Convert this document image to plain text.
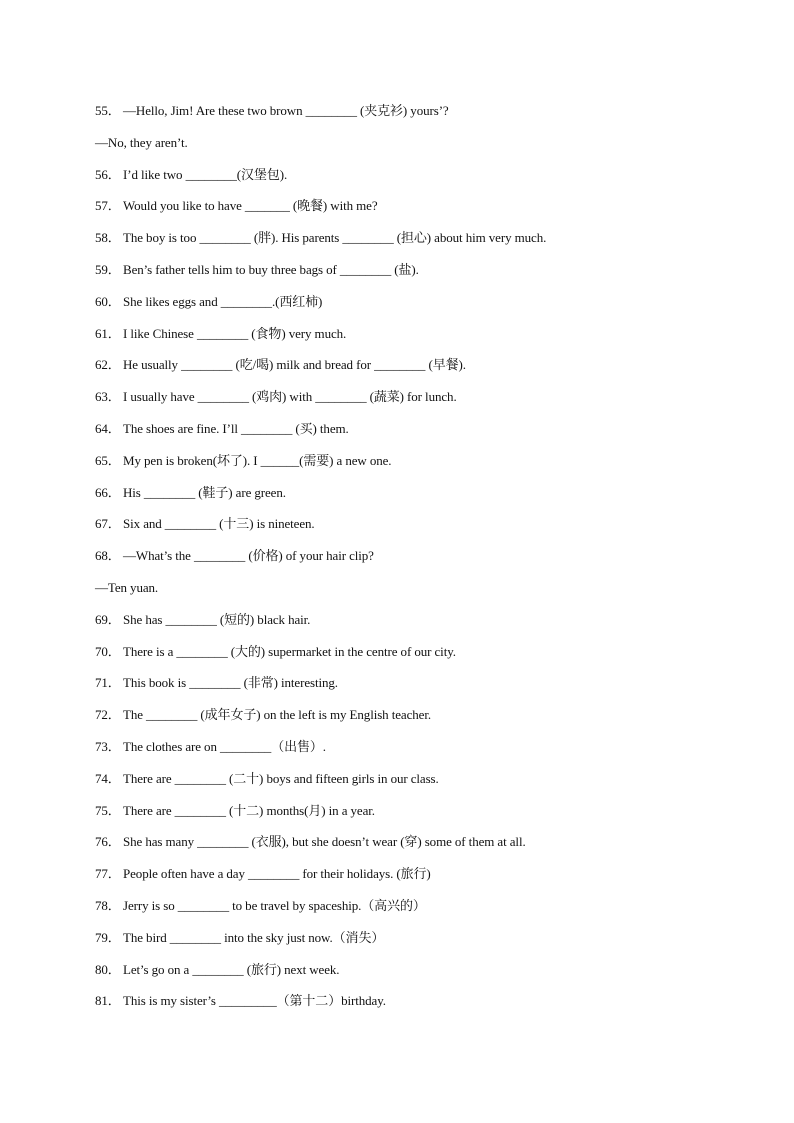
55． —Hello, Jim! Are these two brown ________ (夹克衫) yours’?
—No, they aren’t.
56． I’d like two ________(汉堡包).
57． Would you like to have _______ (晚餐) with me?
58． The boy is too ________ (胖). His parents ________ (担心) about him very much.
59． Ben’s father tells him to buy three bags of ________ (盐).
60． She likes eggs and ________.(西红柿)
61． I like Chinese ________ (食物) very much.
62． He usually ________ (吃/喝) milk and bread for ________ (早餐).
63． I usually have ________ (鸡肉) with ________ (蔬菜) for lunch.
64． The shoes are fine. I’ll ________ (买) them.
65． My pen is broken(坏了). I ______(需要) a new one.
66． His ________ (鞋子) are green.
67． Six and ________ (十三) is nineteen.
68． —What’s the ________ (价格) of your hair clip?
—Ten yuan.
69． She has ________ (短的) black hair.
70． There is a ________ (大的) supermarket in the centre of our city.
71． This book is ________ (非常) interesting.
72． The ________ (成年女子) on the left is my English teacher.
73． The clothes are on ________（出售）.
74． There are ________ (二十) boys and fifteen girls in our class.
75． There are ________ (十二) months(月) in a year.
76． She has many ________ (衣服), but she doesn’t wear (穿) some of them at all.
77． People often have a day ________ for their holidays. (旅行)
78． Jerry is so ________ to be travel by spaceship.（高兴的）
79． The bird ________ into the sky just now.（消失）
80． Let’s go on a ________ (旅行) next week.
81． This is my sister’s _________（第十二）birthday.
